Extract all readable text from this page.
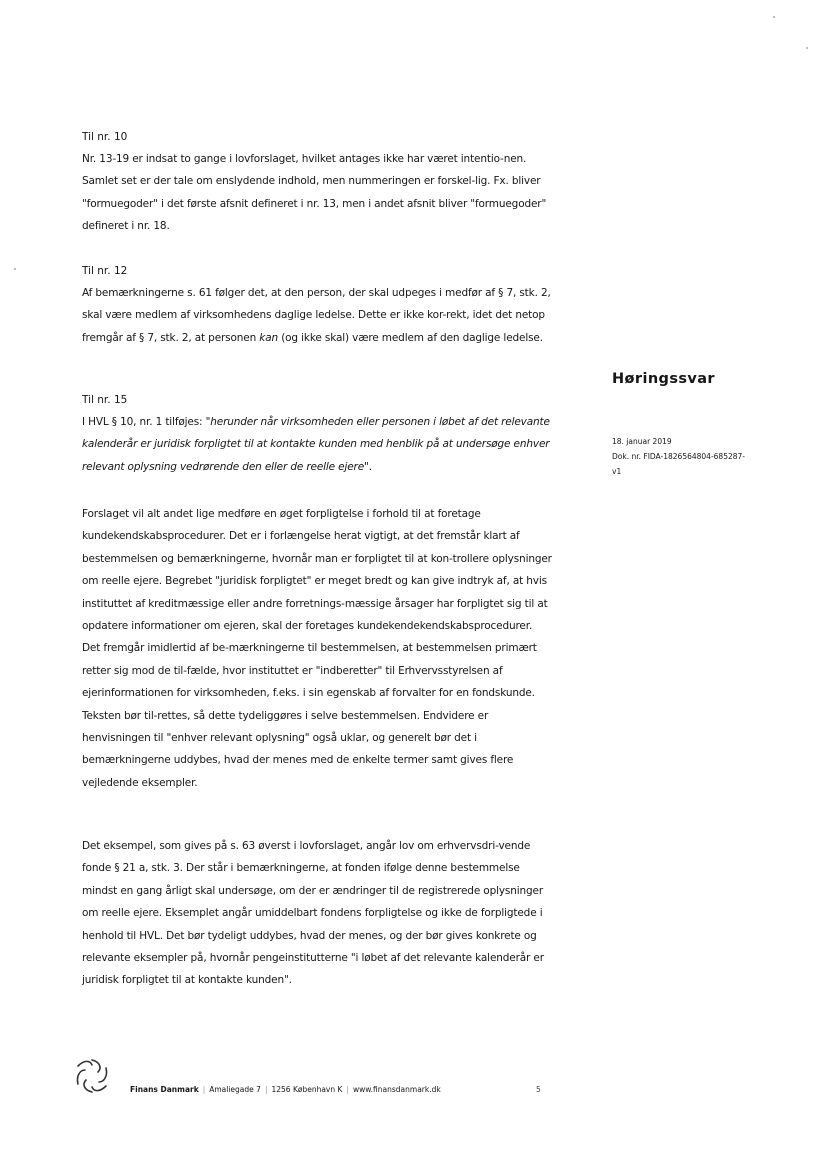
Til nr. 10

Nr. 13-19 er indsat to gange i lovforslaget, hvilket antages ikke har været intentio-nen. Samlet set er der tale om enslydende indhold, men nummeringen er forskel-lig. Fx. bliver "formuegoder" i det første afsnit defineret i nr. 13, men i andet afsnit bliver "formuegoder" defineret i nr. 18.

Til nr. 12

Af bemærkningerne s. 61 følger det, at den person, der skal udpeges i medfør af § 7, stk. 2, skal være medlem af virksomhedens daglige ledelse. Dette er ikke kor-rekt, idet det netop fremgår af § 7, stk. 2, at personen kan (og ikke skal) være medlem af den daglige ledelse.

Til nr. 15

I HVL § 10, nr. 1 tilføjes: "herunder når virksomheden eller personen i løbet af det relevante kalenderår er juridisk forpligtet til at kontakte kunden med henblik på at undersøge enhver relevant oplysning vedrørende den eller de reelle ejere".

Forslaget vil alt andet lige medføre en øget forpligtelse i forhold til at foretage kundekendskabsprocedurer. Det er i forlængelse herat vigtigt, at det fremstår klart af bestemmelsen og bemærkningerne, hvornår man er forpligtet til at kon-trollere oplysninger om reelle ejere. Begrebet "juridisk forpligtet" er meget bredt og kan give indtryk af, at hvis instituttet af kreditmæssige eller andre forretnings-mæssige årsager har forpligtet sig til at opdatere informationer om ejeren, skal der foretages kundekendekendskabsprocedurer. Det fremgår imidlertid af be-mærkningerne til bestemmelsen, at bestemmelsen primært retter sig mod de til-fælde, hvor instituttet er "indberetter" til Erhvervsstyrelsen af ejerinformationen for virksomheden, f.eks. i sin egenskab af forvalter for en fondskunde. Teksten bør til-rettes, så dette tydeliggøres i selve bestemmelsen. Endvidere er henvisningen til "enhver relevant oplysning" også uklar, og generelt bør det i bemærkningerne uddybes, hvad der menes med de enkelte termer samt gives flere vejledende eksempler.

Det eksempel, som gives på s. 63 øverst i lovforslaget, angår lov om erhvervsdri-vende fonde § 21 a, stk. 3. Der står i bemærkningerne, at fonden ifølge denne bestemmelse mindst en gang årligt skal undersøge, om der er ændringer til de registrerede oplysninger om reelle ejere. Eksemplet angår umiddelbart fondens forpligtelse og ikke de forpligtede i henhold til HVL. Det bør tydeligt uddybes, hvad der menes, og der bør gives konkrete og relevante eksempler på, hvornår pengeinstitutterne "i løbet af det relevante kalenderår er juridisk forpligtet til at kontakte kunden".

Høringssvar

18. januar 2019

Dok. nr. FIDA-1826564804-685287-

v1

Finans Danmark | Amaliegade 7 | 1256 København K | www.finansdanmark.dk	5
